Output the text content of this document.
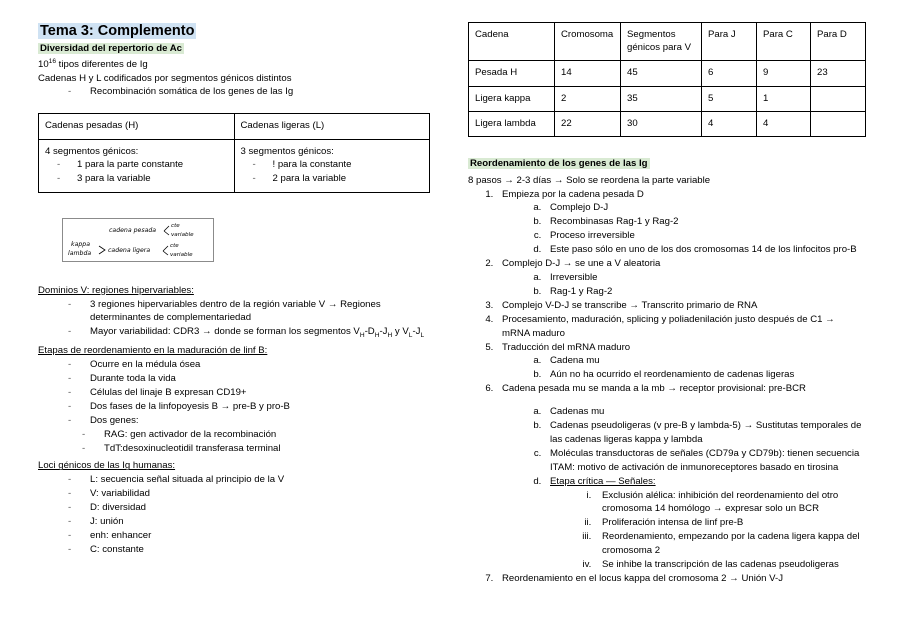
Tema 3: Complemento
Diversidad del repertorio de Ac

$10^{16}$ tipos diferentes de Ig

Cadenas H y L codificados por segmentos génicos distintos

- Recombinación somática de los genes de las Ig
Cadenas pesadas (H)	Cadenas ligeras (L)

4 segmentos génicos:
- 1 para la parte constante
- 3 para la variable

3 segmentos génicos:
- ! para la constante
- 2 para la variable
cadena pesada
cte
variable
kappa
lambda	cadena ligera
cte
variable

Dominios V: regiones hipervariables:

- 3 regiones hipervariables dentro de la región variable V → Regiones determinantes de complementariedad
- Mayor variabilidad: CDR3 → donde se forman los segmentos $V_H-D_H-J_H$ y $V_L-J_L$

Etapas de reordenamiento en la maduración de linf B:

- Ocurre en la médula ósea
- Durante toda la vida
- Células del linaje B expresan CD19+
- Dos fases de la linfopoyesis B → pre-B y pro-B
- Dos genes:
- RAG: gen activador de la recombinación
- TdT:desoxinucleotidil transferasa terminal

Loci génicos de las Ig humanas:

- L: secuencia señal situada al principio de la V
- V: variabilidad
- D: diversidad
- J: unión
- enh: enhancer
- C: constante
Cadena	Cromosoma	Segmentos génicos para V	Para J	Para C	Para D
Pesada H	14	45	6	9	23
Ligera kappa	2	35	5	1	
Ligera lambda	22	30	4	4	
Reordenamiento de los genes de las Ig

8 pasos → 2-3 días → Solo se reordena la parte variable

1. Empieza por la cadena pesada D
a. Complejo D-J
b. Recombinasas Rag-1 y Rag-2
c. Proceso irreversible
d. Este paso sólo en uno de los dos cromosomas 14 de los linfocitos pro-B
2. Complejo D-J → se une a V aleatoria
a. Irreversible
b. Rag-1 y Rag-2
3. Complejo V-D-J se transcribe → Transcrito primario de RNA
4. Procesamiento, maduración, splicing y poliadenilación justo después de C1 → mRNA maduro
5. Traducción del mRNA maduro
a. Cadena mu
b. Aún no ha ocurrido el reordenamiento de cadenas ligeras
6. Cadena pesada mu se manda a la mb → receptor provisional: pre-BCR
a. Cadenas mu
b. Cadenas pseudoligeras (v pre-B y lambda-5) → Sustitutas temporales de las cadenas ligeras kappa y lambda
c. Moléculas transductoras de señales (CD79a y CD79b): tienen secuencia ITAM: motivo de activación de inmunoreceptores basado en tirosina
d. Etapa crítica — Señales:
i. Exclusión alélica: inhibición del reordenamiento del otro cromosoma 14 homólogo → expresar solo un BCR
ii. Proliferación intensa de linf pre-B
iii. Reordenamiento, empezando por la cadena ligera kappa del cromosoma 2
iv. Se inhibe la transcripción de las cadenas pseudoligeras
7. Reordenamiento en el locus kappa del cromosoma 2 → Unión V-J
